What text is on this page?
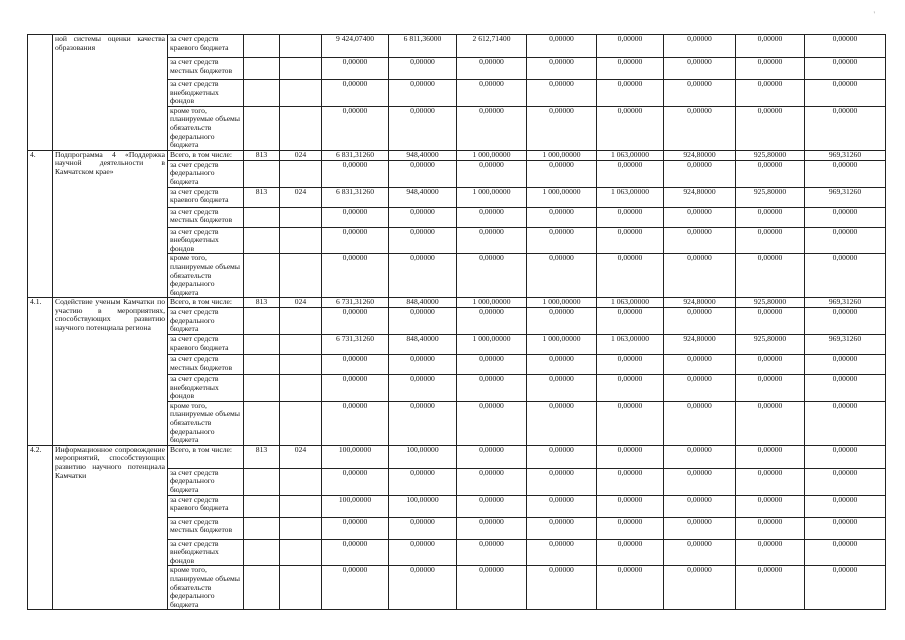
'
	ной системы оценки качества образования	за счет средств краевого бюджета			9 424,07400	6 811,36000	2 612,71400	0,00000	0,00000	0,00000	0,00000	0,00000
		за счет средств местных бюджетов			0,00000	0,00000	0,00000	0,00000	0,00000	0,00000	0,00000	0,00000
		за счет средств внебюджетных фондов			0,00000	0,00000	0,00000	0,00000	0,00000	0,00000	0,00000	0,00000
		кроме того, планируемые объемы обязательств федерального бюджета			0,00000	0,00000	0,00000	0,00000	0,00000	0,00000	0,00000	0,00000
4.	Подпрограмма 4 «Поддержка научной деятельности в Камчатском крае»	Всего, в том числе:	813	024	6 831,31260	948,40000	1 000,00000	1 000,00000	1 063,00000	924,80000	925,80000	969,31260
		за счет средств федерального бюджета			0,00000	0,00000	0,00000	0,00000	0,00000	0,00000	0,00000	0,00000
		за счет средств краевого бюджета	813	024	6 831,31260	948,40000	1 000,00000	1 000,00000	1 063,00000	924,80000	925,80000	969,31260
		за счет средств местных бюджетов			0,00000	0,00000	0,00000	0,00000	0,00000	0,00000	0,00000	0,00000
		за счет средств внебюджетных фондов			0,00000	0,00000	0,00000	0,00000	0,00000	0,00000	0,00000	0,00000
		кроме того, планируемые объемы обязательств федерального бюджета			0,00000	0,00000	0,00000	0,00000	0,00000	0,00000	0,00000	0,00000
4.1.	Содействие ученым Камчатки по участию в мероприятиях, способствующих развитию научного потенциала региона	Всего, в том числе:	813	024	6 731,31260	848,40000	1 000,00000	1 000,00000	1 063,00000	924,80000	925,80000	969,31260
		за счет средств федерального бюджета			0,00000	0,00000	0,00000	0,00000	0,00000	0,00000	0,00000	0,00000
		за счет средств краевого бюджета			6 731,31260	848,40000	1 000,00000	1 000,00000	1 063,00000	924,80000	925,80000	969,31260
		за счет средств местных бюджетов			0,00000	0,00000	0,00000	0,00000	0,00000	0,00000	0,00000	0,00000
		за счет средств внебюджетных фондов			0,00000	0,00000	0,00000	0,00000	0,00000	0,00000	0,00000	0,00000
		кроме того, планируемые объемы обязательств федерального бюджета			0,00000	0,00000	0,00000	0,00000	0,00000	0,00000	0,00000	0,00000
4.2.	Информационное сопровождение мероприятий, способствующих развитию научного потенциала Камчатки	Всего, в том числе:	813	024	100,00000	100,00000	0,00000	0,00000	0,00000	0,00000	0,00000	0,00000
		за счет средств федерального бюджета			0,00000	0,00000	0,00000	0,00000	0,00000	0,00000	0,00000	0,00000
		за счет средств краевого бюджета			100,00000	100,00000	0,00000	0,00000	0,00000	0,00000	0,00000	0,00000
		за счет средств местных бюджетов			0,00000	0,00000	0,00000	0,00000	0,00000	0,00000	0,00000	0,00000
		за счет средств внебюджетных фондов			0,00000	0,00000	0,00000	0,00000	0,00000	0,00000	0,00000	0,00000
		кроме того, планируемые объемы обязательств федерального бюджета			0,00000	0,00000	0,00000	0,00000	0,00000	0,00000	0,00000	0,00000
